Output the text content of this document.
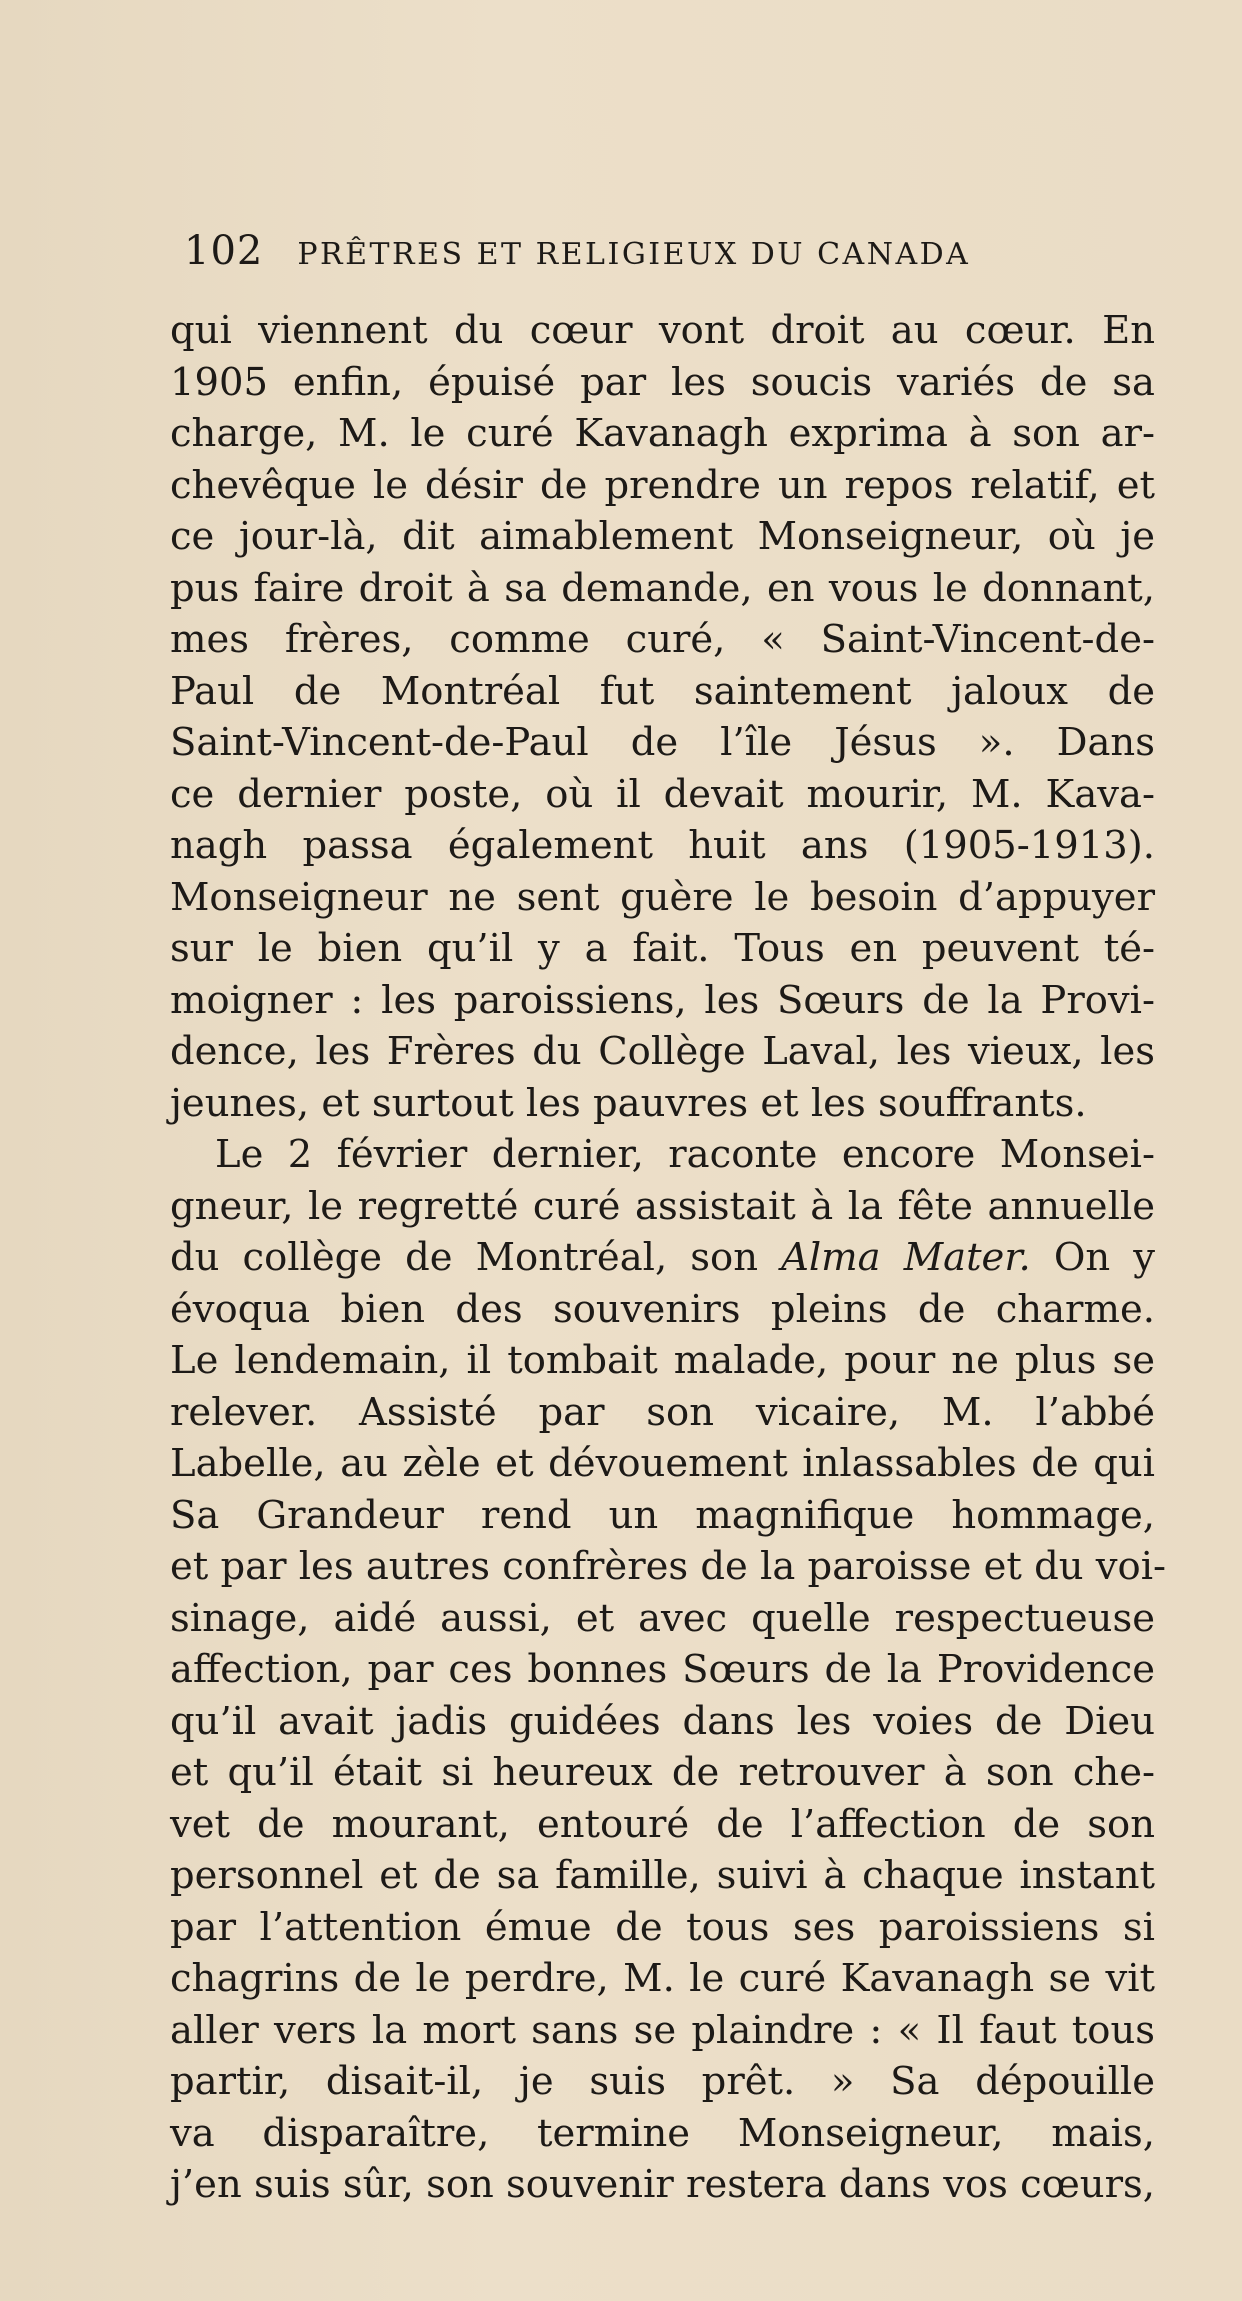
102 PRÊTRES ET RELIGIEUX DU CANADA
qui viennent du cœur vont droit au cœur. En
1905 enfin, épuisé par les soucis variés de sa
charge, M. le curé Kavanagh exprima à son ar-
chevêque le désir de prendre un repos relatif, et
ce jour-là, dit aimablement Monseigneur, où je
pus faire droit à sa demande, en vous le donnant,
mes frères, comme curé, « Saint-Vincent-de-
Paul de Montréal fut saintement jaloux de
Saint-Vincent-de-Paul de l’île Jésus ». Dans
ce dernier poste, où il devait mourir, M. Kava-
nagh passa également huit ans (1905-1913).
Monseigneur ne sent guère le besoin d’appuyer
sur le bien qu’il y a fait. Tous en peuvent té-
moigner : les paroissiens, les Sœurs de la Provi-
dence, les Frères du Collège Laval, les vieux, les
jeunes, et surtout les pauvres et les souffrants.
Le 2 février dernier, raconte encore Monsei-
gneur, le regretté curé assistait à la fête annuelle
du collège de Montréal, son Alma Mater. On y
évoqua bien des souvenirs pleins de charme.
Le lendemain, il tombait malade, pour ne plus se
relever. Assisté par son vicaire, M. l’abbé
Labelle, au zèle et dévouement inlassables de qui
Sa Grandeur rend un magnifique hommage,
et par les autres confrères de la paroisse et du voi-
sinage, aidé aussi, et avec quelle respectueuse
affection, par ces bonnes Sœurs de la Providence
qu’il avait jadis guidées dans les voies de Dieu
et qu’il était si heureux de retrouver à son che-
vet de mourant, entouré de l’affection de son
personnel et de sa famille, suivi à chaque instant
par l’attention émue de tous ses paroissiens si
chagrins de le perdre, M. le curé Kavanagh se vit
aller vers la mort sans se plaindre : « Il faut tous
partir, disait-il, je suis prêt. » Sa dépouille
va disparaître, termine Monseigneur, mais,
j’en suis sûr, son souvenir restera dans vos cœurs,
